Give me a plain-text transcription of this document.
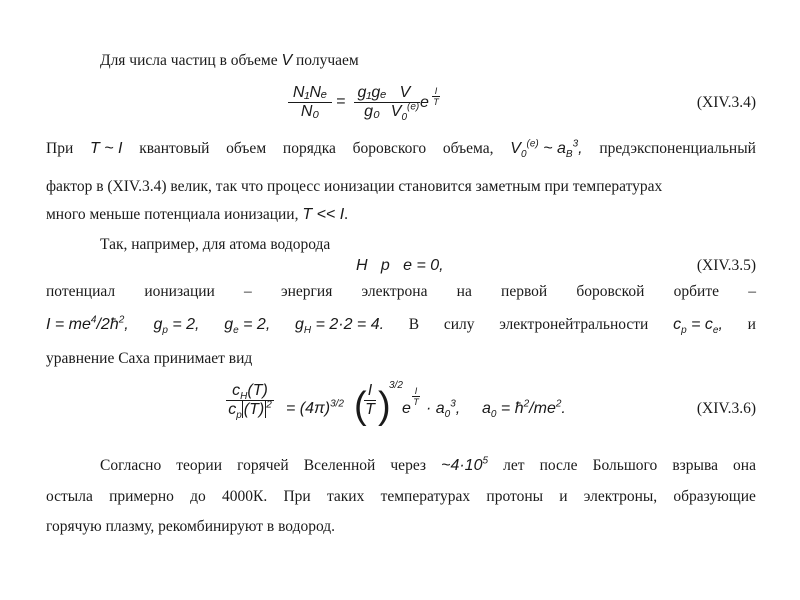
Для числа частиц в объеме V получаем
$\frac{\text{N₁Nₑ}}{\text{N₀}} = \frac{\text{g₁gₑ}}{\text{g₀}} \frac{V}{V_0^{(e)}}$ e $\frac{I}{T}$	(XIV.3.4)
При T ~ I квантовый объем порядка боровского объема, $V_0^{(e)}$ ~ $a_B^3$, предэкспоненциальный
фактор в (XIV.3.4) велик, так что процесс ионизации становится заметным при температурах
много меньше потенциала ионизации, T << I.
Так, например, для атома водорода
H   p   e = 0,	(XIV.3.5)
потенциал ионизации – энергия электрона на первой боровской орбите –
$I = me^4/2ħ^2$, $g_p = 2$, $g_e = 2$, $g_H = 2\cdot 2 = 4$. В силу электронейтральности $c_p = c_e$, и
уравнение Саха принимает вид
$\frac{c_H(T)}{c_p (T) ^2} = (4\pi)^{3/2}$ (
$\frac{I}{T}$ )
3/2
e
$\frac{I}{T}$
· $a_0^3$, $a_0$ = $ħ^2/me^2$.	(XIV.3.6)
Согласно теории горячей Вселенной через $\sim 4\cdot 10^5$ лет после Большого взрыва она
остыла примерно до 4000К. При таких температурах протоны и электроны, образующие
горячую плазму, рекомбинируют в водород.
